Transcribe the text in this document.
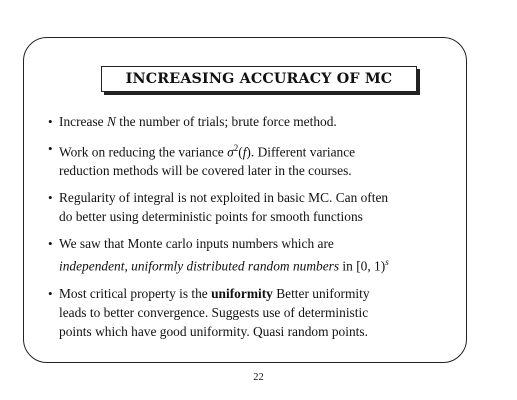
INCREASING ACCURACY OF MC
• Increase N the number of trials; brute force method.
• Work on reducing the variance $\sigma^2(f)$. Different variance
reduction methods will be covered later in the courses.
• Regularity of integral is not exploited in basic MC. Can often
do better using deterministic points for smooth functions
• We saw that Monte carlo inputs numbers which are
independent, uniformly distributed random numbers in [0, 1)$^s$
• Most critical property is the uniformity Better uniformity
leads to better convergence. Suggests use of deterministic
points which have good uniformity. Quasi random points.
22
